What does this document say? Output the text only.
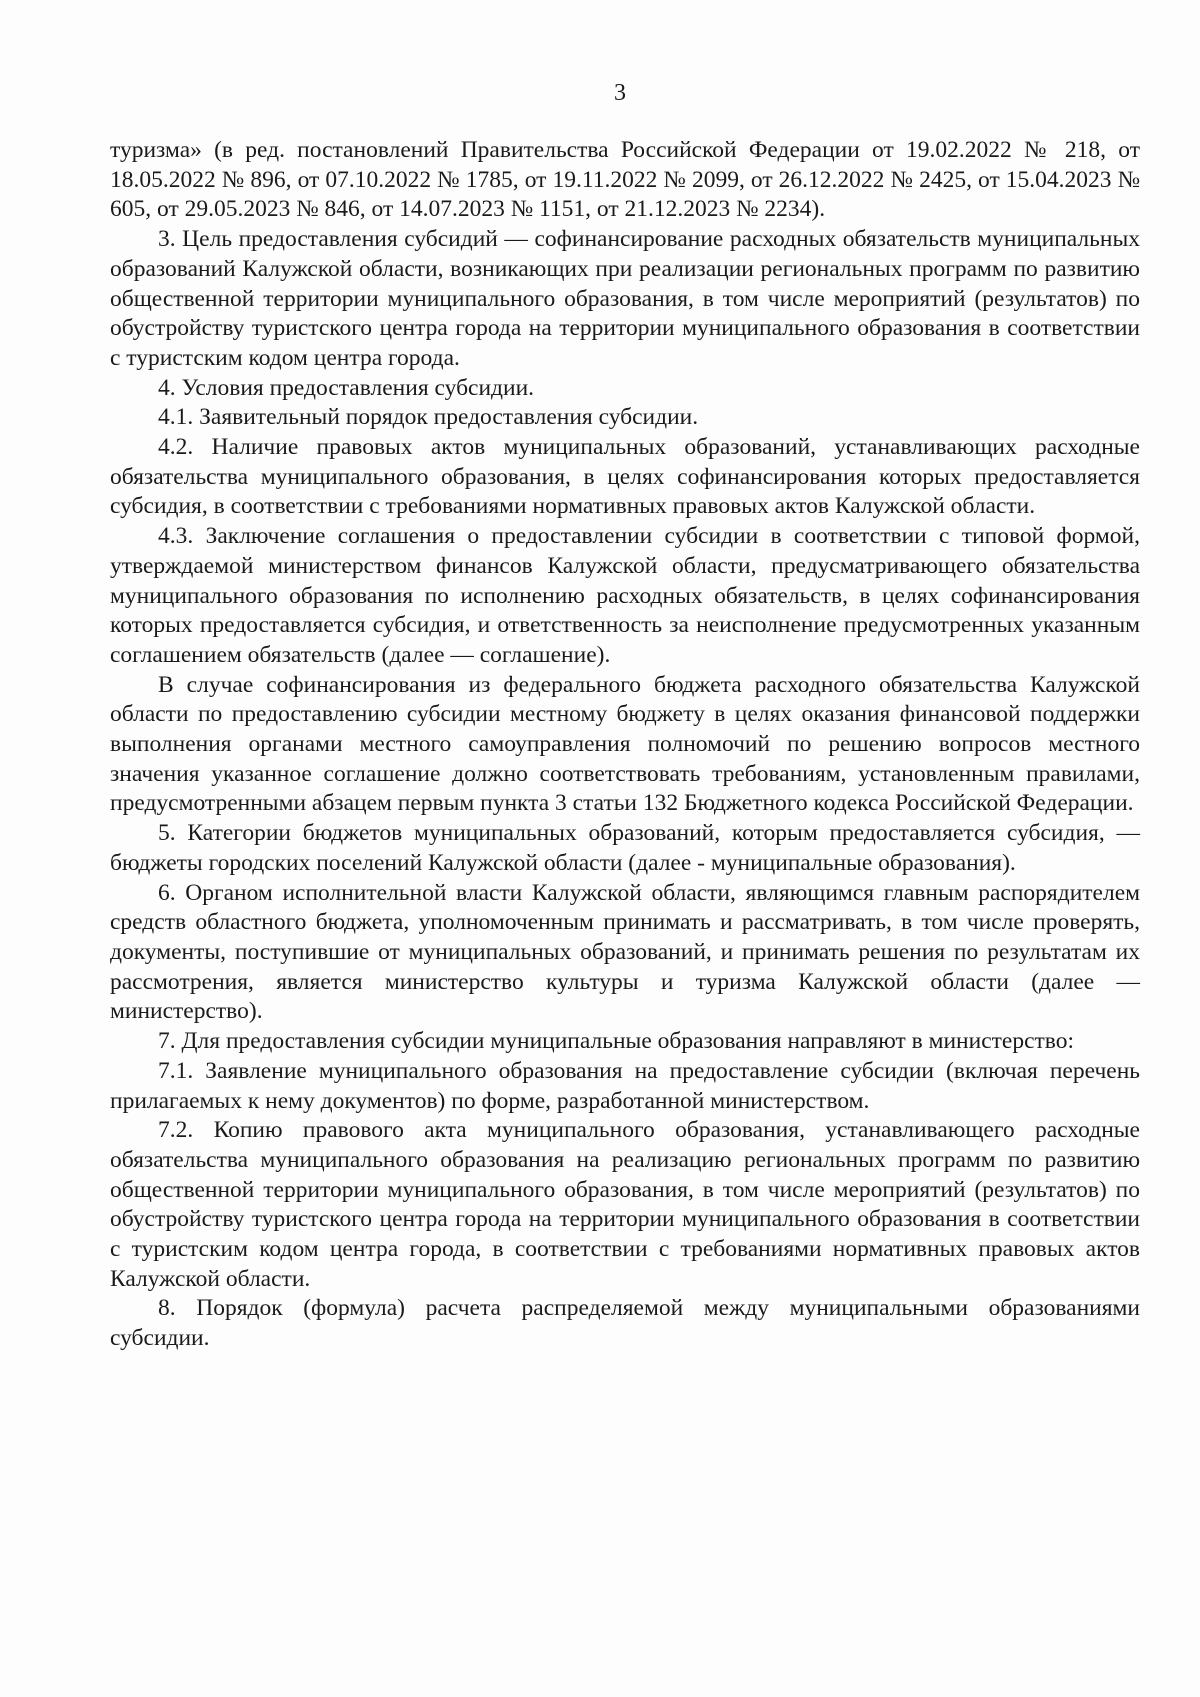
3

туризма» (в ред. постановлений Правительства Российской Федерации от 19.02.2022 № 218, от 18.05.2022 № 896, от 07.10.2022 № 1785, от 19.11.2022 № 2099, от 26.12.2022 № 2425, от 15.04.2023 № 605, от 29.05.2023 № 846, от 14.07.2023 № 1151, от 21.12.2023 № 2234).

3. Цель предоставления субсидий — софинансирование расходных обязательств муниципальных образований Калужской области, возникающих при реализации региональных программ по развитию общественной территории муниципального образования, в том числе мероприятий (результатов) по обустройству туристского центра города на территории муниципального образования в соответствии с туристским кодом центра города.

4. Условия предоставления субсидии.

4.1. Заявительный порядок предоставления субсидии.

4.2. Наличие правовых актов муниципальных образований, устанавливающих расходные обязательства муниципального образования, в целях софинансирования которых предоставляется субсидия, в соответствии с требованиями нормативных правовых актов Калужской области.

4.3. Заключение соглашения о предоставлении субсидии в соответствии с типовой формой, утверждаемой министерством финансов Калужской области, предусматривающего обязательства муниципального образования по исполнению расходных обязательств, в целях софинансирования которых предоставляется субсидия, и ответственность за неисполнение предусмотренных указанным соглашением обязательств (далее — соглашение).

В случае софинансирования из федерального бюджета расходного обязательства Калужской области по предоставлению субсидии местному бюджету в целях оказания финансовой поддержки выполнения органами местного самоуправления полномочий по решению вопросов местного значения указанное соглашение должно соответствовать требованиям, установленным правилами, предусмотренными абзацем первым пункта 3 статьи 132 Бюджетного кодекса Российской Федерации.

5. Категории бюджетов муниципальных образований, которым предоставляется субсидия, — бюджеты городских поселений Калужской области (далее - муниципальные образования).

6. Органом исполнительной власти Калужской области, являющимся главным распорядителем средств областного бюджета, уполномоченным принимать и рассматривать, в том числе проверять, документы, поступившие от муниципальных образований, и принимать решения по результатам их рассмотрения, является министерство культуры и туризма Калужской области (далее — министерство).

7. Для предоставления субсидии муниципальные образования направляют в министерство:

7.1. Заявление муниципального образования на предоставление субсидии (включая перечень прилагаемых к нему документов) по форме, разработанной министерством.

7.2. Копию правового акта муниципального образования, устанавливающего расходные обязательства муниципального образования на реализацию региональных программ по развитию общественной территории муниципального образования, в том числе мероприятий (результатов) по обустройству туристского центра города на территории муниципального образования в соответствии с туристским кодом центра города, в соответствии с требованиями нормативных правовых актов Калужской области.

8. Порядок (формула) расчета распределяемой между муниципальными образованиями субсидии.
